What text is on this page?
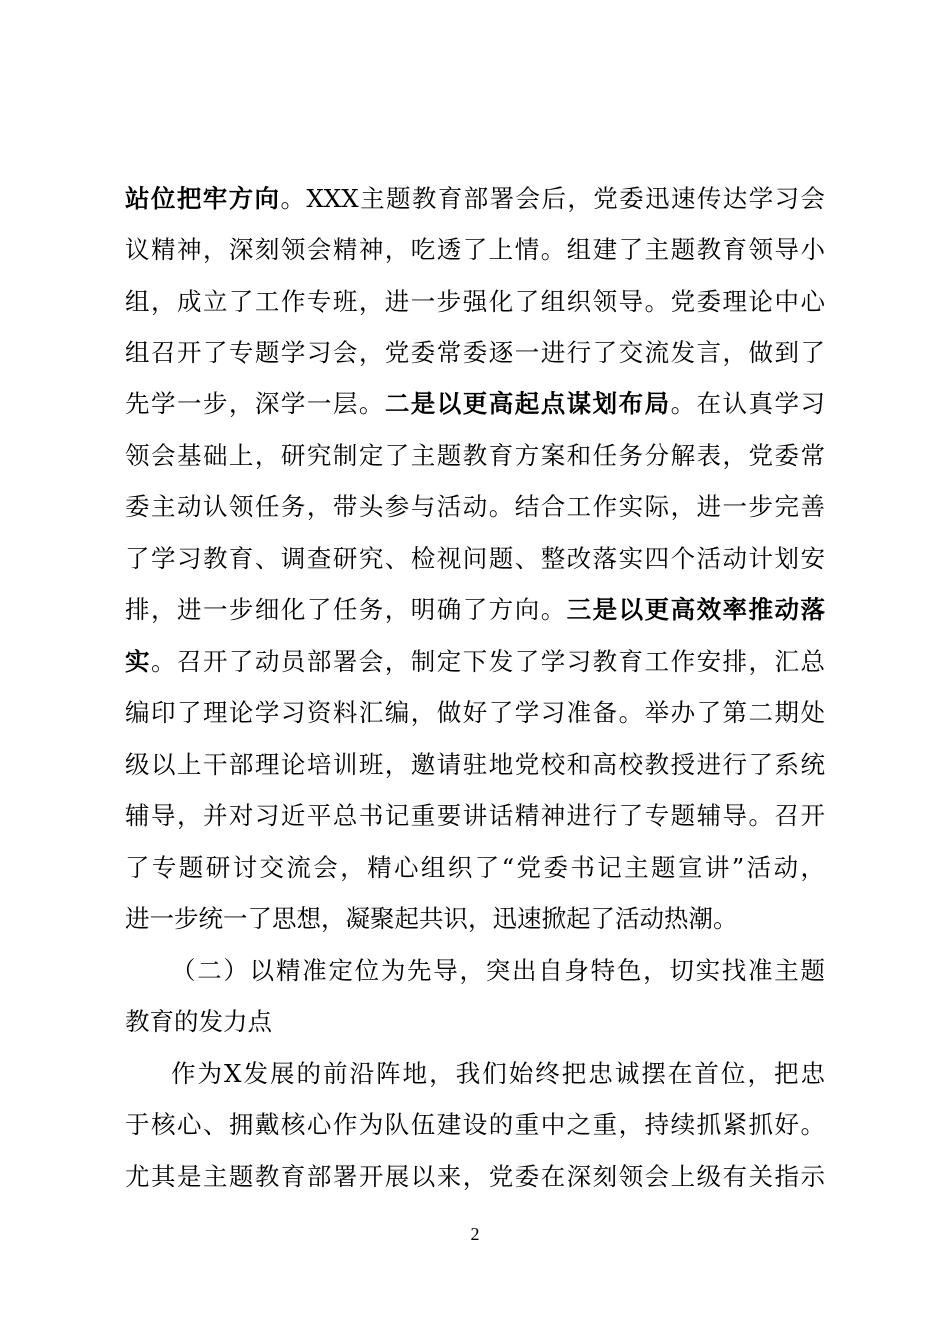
站位把牢方向。XXX主题教育部署会后，党委迅速传达学习会
议精神，深刻领会精神，吃透了上情。组建了主题教育领导小
组，成立了工作专班，进一步强化了组织领导。党委理论中心
组召开了专题学习会，党委常委逐一进行了交流发言，做到了
先学一步，深学一层。二是以更高起点谋划布局。在认真学习
领会基础上，研究制定了主题教育方案和任务分解表，党委常
委主动认领任务，带头参与活动。结合工作实际，进一步完善
了学习教育、调查研究、检视问题、整改落实四个活动计划安
排，进一步细化了任务，明确了方向。三是以更高效率推动落
实。召开了动员部署会，制定下发了学习教育工作安排，汇总
编印了理论学习资料汇编，做好了学习准备。举办了第二期处
级以上干部理论培训班，邀请驻地党校和高校教授进行了系统
辅导，并对习近平总书记重要讲话精神进行了专题辅导。召开
了专题研讨交流会，精心组织了“党委书记主题宣讲”活动，
进一步统一了思想，凝聚起共识，迅速掀起了活动热潮。
（二）以精准定位为先导，突出自身特色，切实找准主题
教育的发力点
作为X发展的前沿阵地，我们始终把忠诚摆在首位，把忠
于核心、拥戴核心作为队伍建设的重中之重，持续抓紧抓好。
尤其是主题教育部署开展以来，党委在深刻领会上级有关指示
2
